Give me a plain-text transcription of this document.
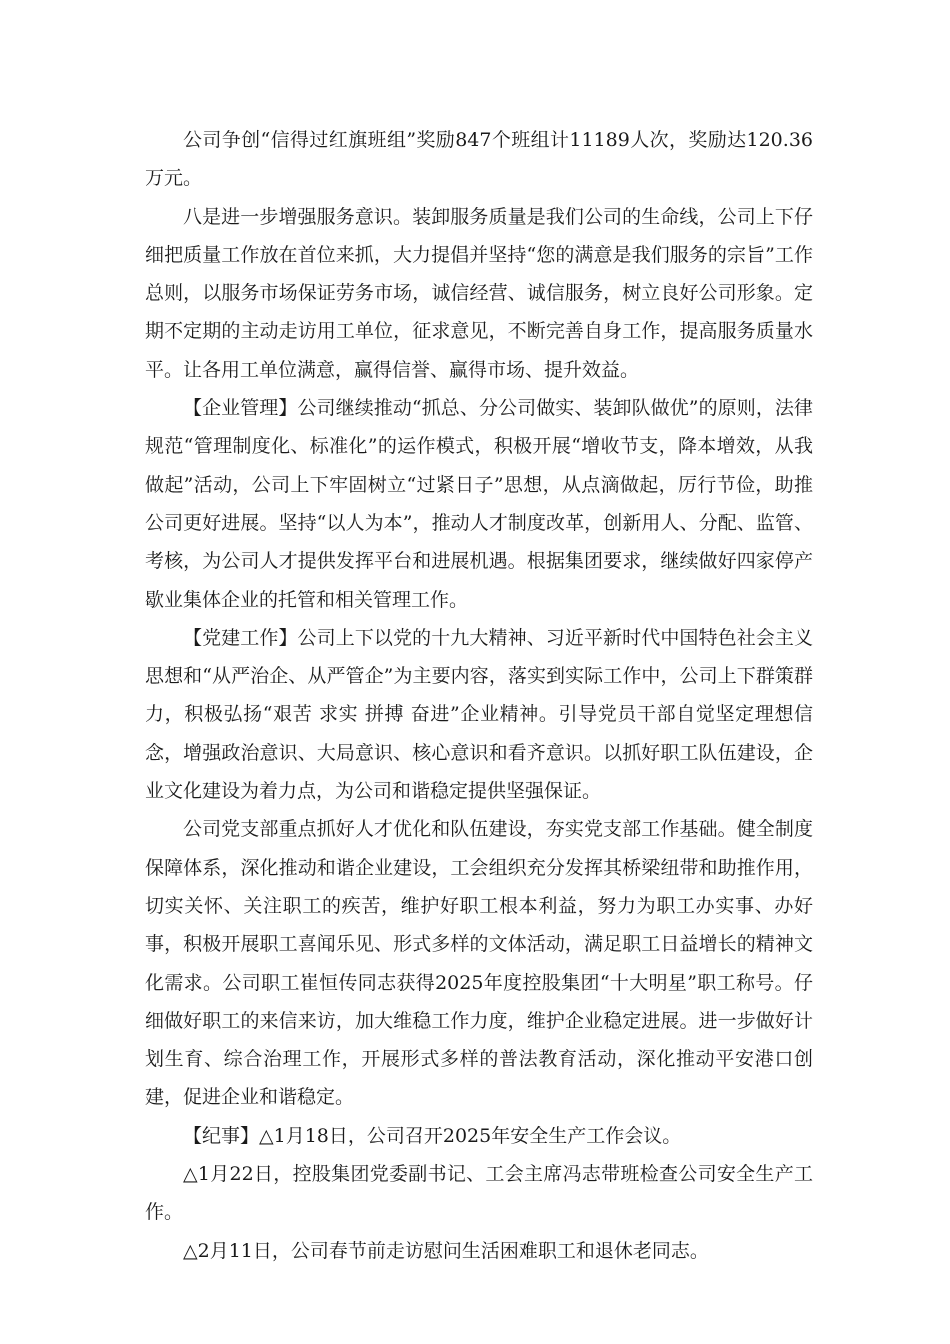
公司争创“信得过红旗班组”奖励847个班组计11189人次，奖励达120.36万元。

八是进一步增强服务意识。装卸服务质量是我们公司的生命线，公司上下仔细把质量工作放在首位来抓，大力提倡并坚持“您的满意是我们服务的宗旨”工作总则，以服务市场保证劳务市场，诚信经营、诚信服务，树立良好公司形象。定期不定期的主动走访用工单位，征求意见，不断完善自身工作，提高服务质量水平。让各用工单位满意，赢得信誉、赢得市场、提升效益。

【企业管理】公司继续推动“抓总、分公司做实、装卸队做优”的原则，法律规范“管理制度化、标准化”的运作模式，积极开展“增收节支，降本增效，从我做起”活动，公司上下牢固树立“过紧日子”思想，从点滴做起，厉行节俭，助推公司更好进展。坚持“以人为本”，推动人才制度改革，创新用人、分配、监管、考核，为公司人才提供发挥平台和进展机遇。根据集团要求，继续做好四家停产歇业集体企业的托管和相关管理工作。

【党建工作】公司上下以党的十九大精神、习近平新时代中国特色社会主义思想和“从严治企、从严管企”为主要内容，落实到实际工作中，公司上下群策群力，积极弘扬“艰苦 求实 拼搏 奋进”企业精神。引导党员干部自觉坚定理想信念，增强政治意识、大局意识、核心意识和看齐意识。以抓好职工队伍建设，企业文化建设为着力点，为公司和谐稳定提供坚强保证。

公司党支部重点抓好人才优化和队伍建设，夯实党支部工作基础。健全制度保障体系，深化推动和谐企业建设，工会组织充分发挥其桥梁纽带和助推作用，切实关怀、关注职工的疾苦，维护好职工根本利益，努力为职工办实事、办好事，积极开展职工喜闻乐见、形式多样的文体活动，满足职工日益增长的精神文化需求。公司职工崔恒传同志获得2025年度控股集团“十大明星”职工称号。仔细做好职工的来信来访，加大维稳工作力度，维护企业稳定进展。进一步做好计划生育、综合治理工作，开展形式多样的普法教育活动，深化推动平安港口创建，促进企业和谐稳定。

【纪事】△1月18日，公司召开2025年安全生产工作会议。

△1月22日，控股集团党委副书记、工会主席冯志带班检查公司安全生产工作。

△2月11日，公司春节前走访慰问生活困难职工和退休老同志。
